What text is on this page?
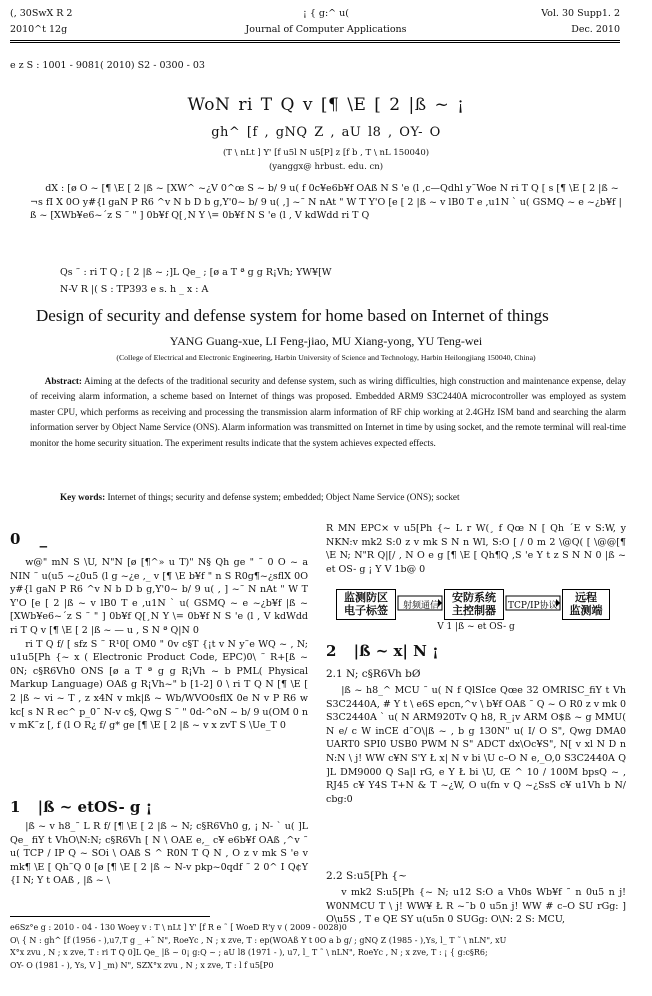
(, 30SwX R 2
2010^t 12g
¡ { g:^ u(
Journal of Computer Applications
Vol. 30 Supp1. 2
Dec. 2010
e z S : 1001 - 9081( 2010) S2 - 0300 - 03
WoN ri T Q v [¶ \E [ 2 |ß ~ ¡
gh^ [f , gNQ Z , aU l8 , OY- O
(T \ nLt ] Y' [f u5l N u5[P] z [f b , T \ nL 150040)
(yanggx@ hrbust. edu. cn)

dX : [ø O ~ [¶ \E [ 2 |ß ~ [XW^ ~¿V 0^œ S ~ b/ 9 u( f 0c¥e6b¥f OAß N S 'e (l ,c—Qdhl y˜Woe N ri T Q [ s [¶ \E [ 2 |ß ~ ¬s fI X 0O y#{l gaN P R6 ^v N b D b g,Y'0~ b/ 9 u( ,] ~˜ N nAt " W T Y'O [e [ 2 |ß ~ v lB0 T e ,u1N ` u( GSMQ ~ e ~¿b¥f |ß ~ [XWb¥e6~´z S ˜ " ] 0b¥f Q[¸N Y \= 0b¥f N S 'e (l , V kdWdd ri T Q

Qs ˜ : ri T Q ; [ 2 |ß ~ ;]L Qe_ ; [ø a T ª g g R¡Vh; YW¥[W
N-V R |( S : TP393 e s. h _ x : A
Design of security and defense system for home based on Internet of things
YANG Guang-xue, LI Feng-jiao, MU Xiang-yong, YU Teng-wei
(College of Electrical and Electronic Engineering, Harbin University of Science and Technology, Harbin Heilongjiang 150040, China)
Abstract: Aiming at the defects of the traditional security and defense system, such as wiring difficulties, high construction and maintenance expense, delay of receiving alarm information, a scheme based on Internet of things was proposed. Embedded ARM9 S3C2440A microcontroller was employed as system master CPU, which performs as receiving and processing the transmission alarm information of RF chip working at 2.4GHz ISM band and searching the alarm information server by Object Name Service (ONS). Alarm information was transmitted on Internet in time by using socket, and the remote terminal will real-time monitor the home security situation. The experiment results indicate that the system achieves expected effects.
Key words: Internet of things; security and defense system; embedded; Object Name Service (ONS); socket
0 _

w@" mN S \U, N"N [ø [¶^» u T)" N§ Qh ge " ˜ 0 O ~ a NIN ˜ u(u5 ~¿0u5 (l g ~¿e ,_ v [¶ \E b¥f " n S R0g¶~¿sflX 0O y#{l gaN P R6 ^v N b D b g,Y'0~ b/ 9 u( , ] ~˜ N nAt " W T Y'O [e [ 2 |ß ~ v lB0 T e ,u1N ` u( GSMQ ~ e ~¿b¥f |ß ~ [XWb¥e6~´z S ˜ " ] 0b¥f Q[¸N Y \= 0b¥f N S 'e (l , V kdWdd ri T Q v [¶ \E [ 2 |ß ~ — u , S N ª Q|N 0

ri T Q f/ [ sfz S ˜ R¹0[ OM0 " 0v c§T {¡t v N y˜e WQ ~ , N; u1u5[Ph {~ x ( Electronic Product Code, EPC)0\ ˜ R+[ß ~ 0N; c§R6Vh0 ONS [ø a T ª g g R¡Vh ~ b PML( Physical Markup Language) OAß g R¡Vh~" b [1-2] 0 \ ri T Q N [¶ \E [ 2 |ß ~ vi ~ T , z x4N v mk|ß ~ Wb/WVO0sflX 0e N v P R6 w kc[ s N R ec^ p_0˜ N-v c§, Qwg S ˜ " 0d-^oN ~ b/ 9 u(OM 0 n v mK˜z [, f (l O R¿ f/ g* ge [¶ \E [ 2 |ß ~ v x zvT S \Ue_T 0

1 |ß ~ etOS- g ¡

|ß ~ v h8_˜ L R f/ [¶ \E [ 2 |ß ~ N; c§R6Vh0 g, ¡ N- ` u( ]L Qe_ fiY t VhO\N:N; c§R6Vh [ N \ OAE e,_ c¥ e6b¥f OAß ,^v ˜ u( TCP / IP Q ~ SOi \ OAß S ^ R0N T Q N , O z v mk S 'e v mk¶ \E [ Qh˜Q 0 [ø [¶ \E [ 2 |ß ~ N-v pkp~0qdf ˜ 2 0^ I Q¢Y {I N; Y t OAß , |ß ~ \

R MN EPC× v u5[Ph {~ L r W(¸ f Qœ N [ Qh ´E v S:W, y NKN:v mk2 S:0 z v mk S N n Wl, S:O [ / 0 m 2 \@Q( [ \@@[¶ \E N; N"R Q|[/ , N O e g [¶ \E [ Qh¶Q ,S 'e Y t z S N N 0 |ß ~ et OS- g ¡ Y V 1b@ 0

监测防区
电子标签
安防系统
主控制器
远程
监测端
射频通信	TCP/IP协议
V 1 |ß ~ et OS- g
2 |ß ~ x| N ¡
2.1 N; c§R6Vh bØ

|ß ~ h8_^ MCU ˜ u( N f QlSIce Qœe 32 OMRISC_fiY t Vh S3C2440A, # Y t \ e6S epcn,^v \ b¥f OAß ˜ Q ~ O R0 z v mk 0 S3C2440A ` u( N ARM920Tv Q h8, R_¡v ARM O$ß ~ g MMU( N e/ c W inCE d˜O\|ß ~ , b g 130N" u( I/ O S", Qwg DMA0 UART0 SPI0 USB0 PWM N S" ADCT dx\Oc¥S", N[ v xl N D n N:N \ j! WW c¥N S'Y Ł x| N v bi \U c–O N e,_O,0 S3C2440A Q ]L DM9000 Q Sa|l rG, e Y Ł bi \U, Œ ^ 10 / 100M bpsQ ~ , RJ45 c¥ Y4S T+N & T ~¿W, O u(fn v Q ~¿SsS c¥ u1Vh b N/ cbg:0

2.2 S:u5[Ph {~

v mk2 S:u5[Ph {~ N; u12 S:O a Vh0s Wb¥f ˜ n 0u5 n j! W0NMCU T \ j! WW¥ Ł R ~˜b 0 u5n j! WW # c–O SU rGg: ] O\u5S , T e QE SY u(u5n 0 SUGg: O\N: 2 S: MCU,

e6Sz°e g : 2010 - 04 - 130 Woey v : T \ nLt ] Y' [f R e ˜ [ WoeD R'y v ( 2009 - 0028)0
O\ { N : gh^ [f (1956 - ),u7,T g _ +˜ N", RoeYc , N ; x zve, T : ep(WOAß Y t 0O a b g/ ; gNQ Z (1985 - ),Ys, l_ T ˜ \ nLN", xU
X°x zvu , N ; x zve, T : ri T Q 0]L Qe_ |ß ~ 0¡ g:Q ~ ; aU l8 (1971 - ), u7, l_ T ˜ \ nLN", RoeYc , N ; x zve, T : ¡ { g:c§R6;
OY- O (1981 - ), Ys, V ] _m) N", SZX°x zvu , N ; x zve, T : l f u5[P0
